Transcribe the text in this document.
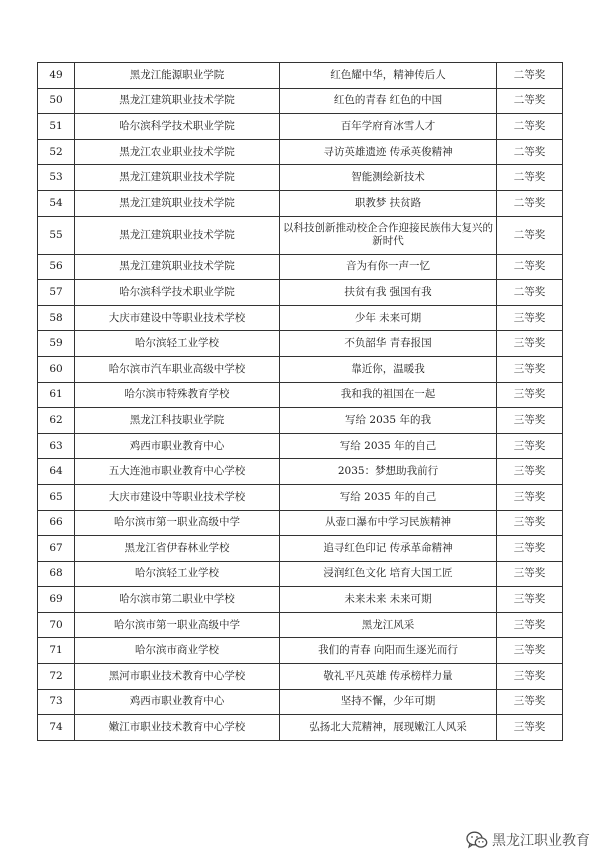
49	黑龙江能源职业学院	红色耀中华，精神传后人	二等奖
50	黑龙江建筑职业技术学院	红色的青春 红色的中国	二等奖
51	哈尔滨科学技术职业学院	百年学府育冰雪人才	二等奖
52	黑龙江农业职业技术学院	寻访英雄遗迹 传承英俊精神	二等奖
53	黑龙江建筑职业技术学院	智能测绘新技术	二等奖
54	黑龙江建筑职业技术学院	职教梦 扶贫路	二等奖
55	黑龙江建筑职业技术学院	以科技创新推动校企合作迎接民族伟大复兴的新时代	二等奖
56	黑龙江建筑职业技术学院	音为有你一声一忆	二等奖
57	哈尔滨科学技术职业学院	扶贫有我 强国有我	二等奖
58	大庆市建设中等职业技术学校	少年 未来可期	三等奖
59	哈尔滨轻工业学校	不负韶华 青春报国	三等奖
60	哈尔滨市汽车职业高级中学校	靠近你，温暖我	三等奖
61	哈尔滨市特殊教育学校	我和我的祖国在一起	三等奖
62	黑龙江科技职业学院	写给 2035 年的我	三等奖
63	鸡西市职业教育中心	写给 2035 年的自己	三等奖
64	五大连池市职业教育中心学校	2035：梦想助我前行	三等奖
65	大庆市建设中等职业技术学校	写给 2035 年的自己	三等奖
66	哈尔滨市第一职业高级中学	从壶口瀑布中学习民族精神	三等奖
67	黑龙江省伊春林业学校	追寻红色印记 传承革命精神	三等奖
68	哈尔滨轻工业学校	浸润红色文化 培育大国工匠	三等奖
69	哈尔滨市第二职业中学校	未来未来 未来可期	三等奖
70	哈尔滨市第一职业高级中学	黑龙江风采	三等奖
71	哈尔滨市商业学校	我们的青春 向阳而生逐光而行	三等奖
72	黑河市职业技术教育中心学校	敬礼平凡英雄 传承榜样力量	三等奖
73	鸡西市职业教育中心	坚持不懈，少年可期	三等奖
74	嫩江市职业技术教育中心学校	弘扬北大荒精神，展现嫩江人风采	三等奖
黑龙江职业教育
